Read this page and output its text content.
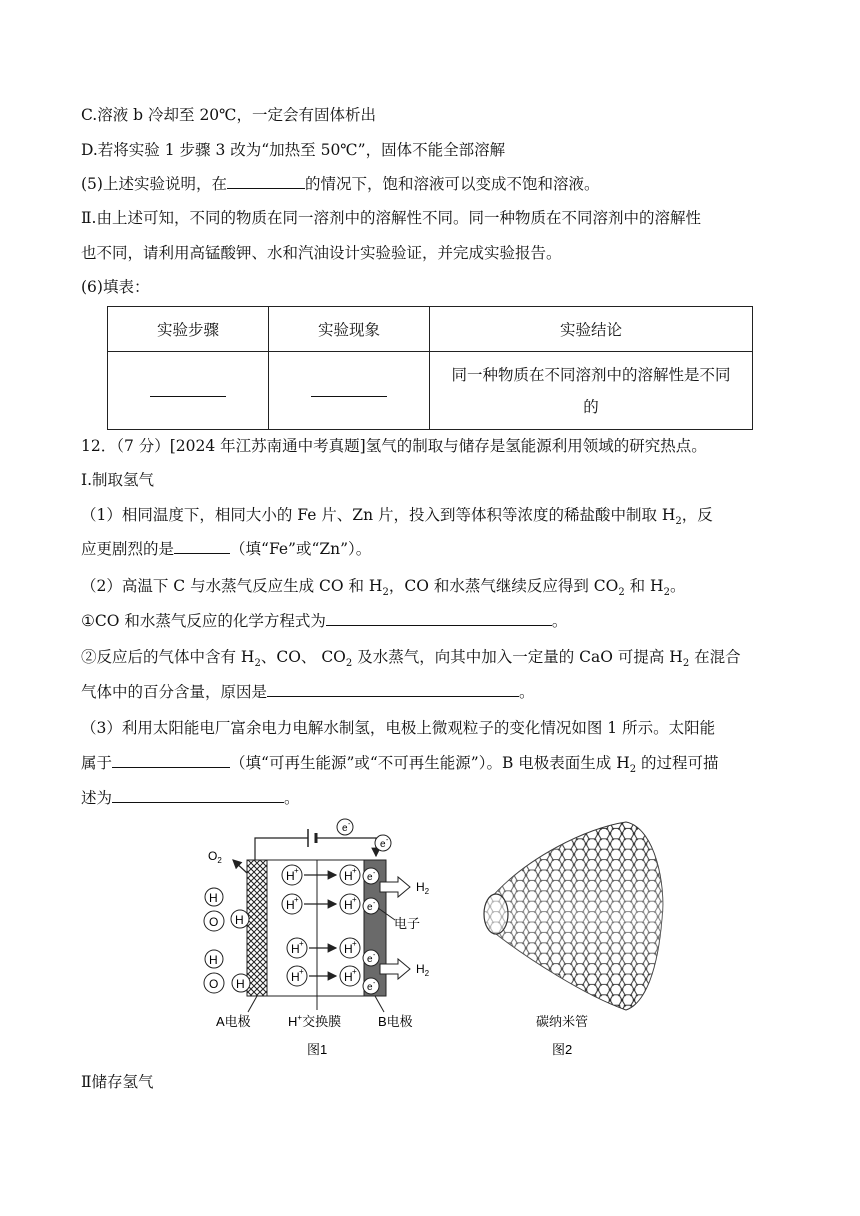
C.溶液 b 冷却至 20℃，一定会有固体析出
D.若将实验 1 步骤 3 改为“加热至 50℃”，固体不能全部溶解
(5)上述实验说明，在	的情况下，饱和溶液可以变成不饱和溶液。
Ⅱ.由上述可知，不同的物质在同一溶剂中的溶解性不同。同一种物质在不同溶剂中的溶解性
也不同，请利用高锰酸钾、水和汽油设计实验验证，并完成实验报告。
(6)填表：
实验步骤	实验现象	实验结论
		同一种物质在不同溶剂中的溶解性是不同
的
12．（7 分）[2024 年江苏南通中考真题]氢气的制取与储存是氢能源利用领域的研究热点。
Ⅰ.制取氢气
（1）相同温度下，相同大小的 Fe 片、Zn 片，投入到等体积等浓度的稀盐酸中制取 $H_2$，反
应更剧烈的是	（填“Fe”或“Zn”）。
（2）高温下 C 与水蒸气反应生成 CO 和 $H_2$，CO 和水蒸气继续反应得到 $CO_2$ 和 $H_2$。
①CO 和水蒸气反应的化学方程式为	。
②反应后的气体中含有 $H_2$、CO、 $CO_2$ 及水蒸气，向其中加入一定量的 CaO 可提高 $H_2$ 在混合
气体中的百分含量，原因是	。
（3）利用太阳能电厂富余电力电解水制氢，电极上微观粒子的变化情况如图 1 所示。太阳能
属于	（填“可再生能源”或“不可再生能源”）。B 电极表面生成 $H_2$ 的过程可描
述为	。
e -
e -
$O_2$
H
O H
H
O H
H +
H +
H +
H +
H +
H +
H +
H +
e -
e -
e -
e -
$H_2$
$H_2$
电子
A电极	H+交换膜	B电极
图1
碳纳米管
图2
Ⅱ储存氢气
